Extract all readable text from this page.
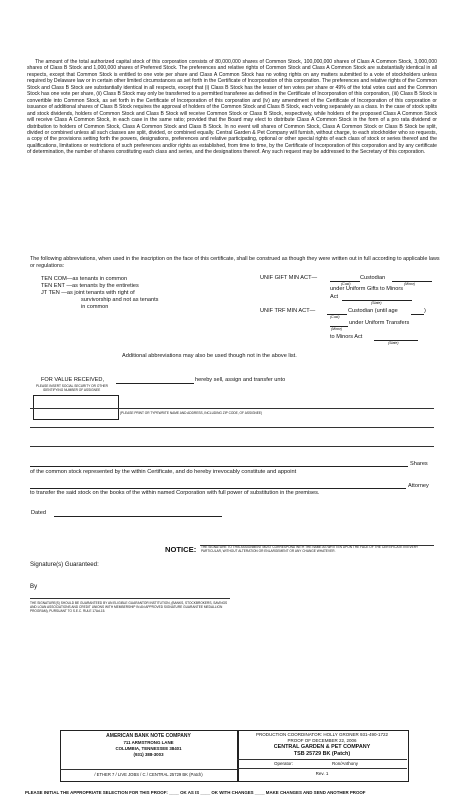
The amount of the total authorized capital stock of this corporation consists of 80,000,000 shares of Common Stock, 100,000,000 shares of Class A Common Stock, 3,000,000 shares of Class B Stock and 1,000,000 shares of Preferred Stock. The preferences and relative rights of Common Stock and Class A Common Stock are substantially identical in all respects, except that Common Stock is entitled to one vote per share and Class A Common Stock has no voting rights on any matters submitted to a vote of stockholders unless required by Delaware law or in certain other limited circumstances as set forth in the Certificate of Incorporation of this corporation. The preferences and relative rights of the Common Stock and Class B Stock are substantially identical in all respects, except that (i) Class B Stock has the lesser of ten votes per share or 49% of the total votes cast and the Common Stock has one vote per share, (ii) Class B Stock may only be transferred to a permitted transferee as defined in the Certificate of Incorporation of this corporation, (iii) Class B Stock is convertible into Common Stock, as set forth in the Certificate of Incorporation of this corporation and (iv) any amendment of the Certificate of Incorporation of this corporation or issuance of additional shares of Class B Stock requires the approval of holders of the Common Stock and Class B Stock, each voting separately as a class. In the case of stock splits and stock dividends, holders of Common Stock and Class B Stock will receive Common Stock or Class B Stock, respectively, while holders of the proposed Class A Common Stock will receive Class A Common Stock, in each case in the same ratio; provided that the Board may elect to distribute Class A Common Stock in the form of a pro rata dividend or distribution to holders of Common Stock, Class A Common Stock and Class B Stock. In no event will shares of Common Stock, Class A Common Stock or Class B Stock be split, divided or combined unless all such classes are split, divided, or combined equally. Central Garden & Pet Company will furnish, without charge, to each stockholder who so requests, a copy of the provisions setting forth the powers, designations, preferences and relative participating, optional or other special rights of each class of stock or series thereof and the qualifications, limitations or restrictions of such preferences and/or rights as established, from time to time, by the Certificate of Incorporation of this corporation and by any certificate of determination, the number of shares constituting each class and series, and the designations thereof. Any such request may be addressed to the Secretary of this corporation.
The following abbreviations, when used in the inscription on the face of this certificate, shall be construed as though they were written out in full according to applicable laws or regulations:
TEN COM—as tenants in common
TEN ENT —as tenants by the entireties
JT TEN —as joint tenants with right of
survivorship and not as tenants
in common
UNIF GIFT MIN ACT—	Custodian
(Cust)	(Minor)
under Uniform Gifts to Minors
Act
(State)
UNIF TRF MIN ACT—	Custodian (until age	)
(Cust)
under Uniform Transfers
(Minor)
to Minors Act
(State)
Additional abbreviations may also be used though not in the above list.
FOR VALUE RECEIVED,	hereby sell, assign and transfer unto
PLEASE INSERT SOCIAL SECURITY OR OTHER
IDENTIFYING NUMBER OF ASSIGNEE
(PLEASE PRINT OR TYPEWRITE NAME AND ADDRESS, INCLUDING ZIP CODE, OF ASSIGNEE)
Shares
of the common stock represented by the within Certificate, and do hereby irrevocably constitute and appoint
Attorney
to transfer the said stock on the books of the within named Corporation with full power of substitution in the premises.
Dated
NOTICE: THE SIGNATURE TO THIS ASSIGNMENT MUST CORRESPOND WITH THE NAME AS WRITTEN UPON THE FACE OF THE CERTIFICATE IN EVERY PARTICULAR, WITHOUT ALTERATION OR ENLARGEMENT OR ANY CHANGE WHATEVER.
Signature(s) Guaranteed:
By
THE SIGNATURE(S) SHOULD BE GUARANTEED BY AN ELIGIBLE GUARANTOR INSTITUTION, (BANKS, STOCKBROKERS, SAVINGS AND LOAN ASSOCIATIONS AND CREDIT UNIONS WITH MEMBERSHIP IN AN APPROVED SIGNATURE GUARANTEE MEDALLION PROGRAM), PURSUANT TO S.E.C. RULE 17Ad-15.
AMERICAN BANK NOTE COMPANY
711 ARMSTRONG LANE
COLUMBIA, TENNESSEE 38401
(931) 388-3003
/ ETHER 7 / LIVE JOBS / C / CENTRAL 25729 BK (Patch)
PRODUCTION COORDINATOR: HOLLY GRONER 931-490-1722
PROOF OF DECEMBER 22, 2006
CENTRAL GARDEN & PET COMPANY
TSB 25729 BK (Patch)
Operator:	Ron/Anthony
Rev. 1
PLEASE INITIAL THE APPROPRIATE SELECTION FOR THIS PROOF: ____ OK AS IS ____ OK WITH CHANGES ____ MAKE CHANGES AND SEND ANOTHER PROOF
